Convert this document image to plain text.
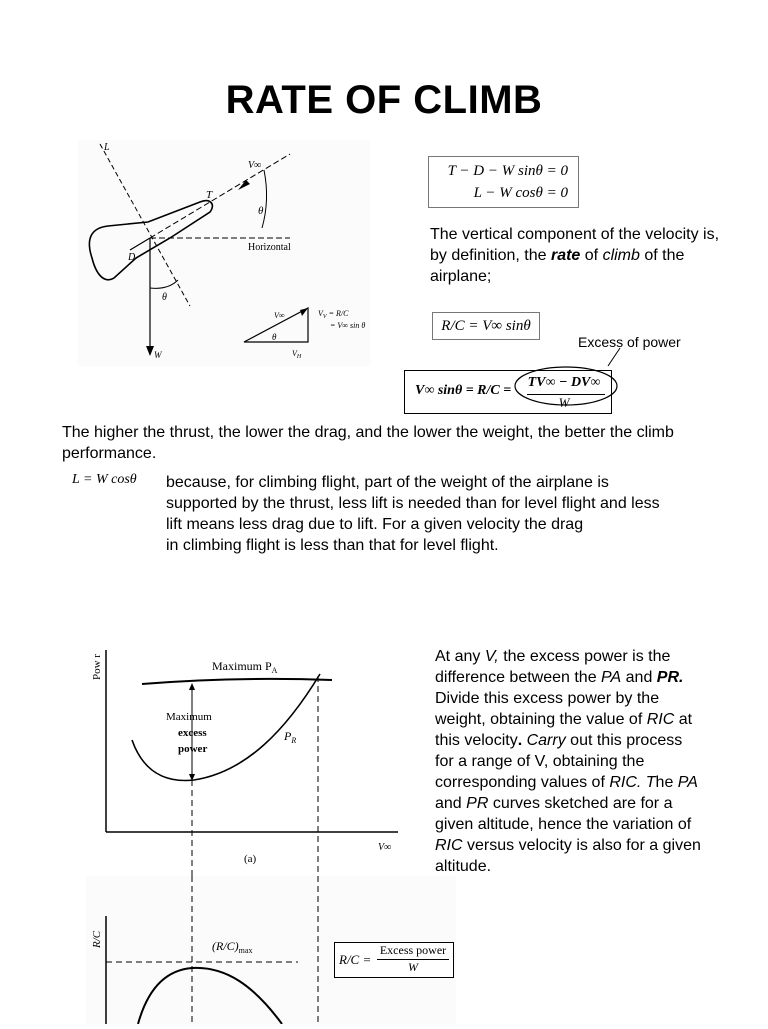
RATE OF CLIMB
L
V∞
T
θ
Horizontal
D
W
θ
V∞	$V_V = R/C$
= V∞ sin θ
θ
$V_H$
T − D − W sinθ = 0
L − W cosθ = 0
The vertical component of the velocity is, by definition, the rate of climb of the airplane;
R/C = V∞ sinθ
Excess of power
V∞ sinθ = R/C =
TV∞ − DV∞
W
The higher the thrust, the lower the drag, and the lower the weight, the better the climb performance.
L = W cosθ because, for climbing flight, part of the weight of the airplane is
supported by the thrust, less lift is needed than for level flight and less
lift means less drag due to lift. For a given velocity the drag
in climbing flight is less than that for level flight.
Pow r	Maximum $P_A$
Maximum
excess
power
$P_R$
V∞
(a)
At any V, the excess power is the difference between the PA and PR. Divide this excess power by the weight, obtaining the value of RIC at this velocity. Carry out this process for a range of V, obtaining the corresponding values of RIC. The PA and PR curves sketched are for a given altitude, hence the variation of RIC versus velocity is also for a given altitude.
R/C	$(R/C)_{max}$
R/C =
Excess power
W
